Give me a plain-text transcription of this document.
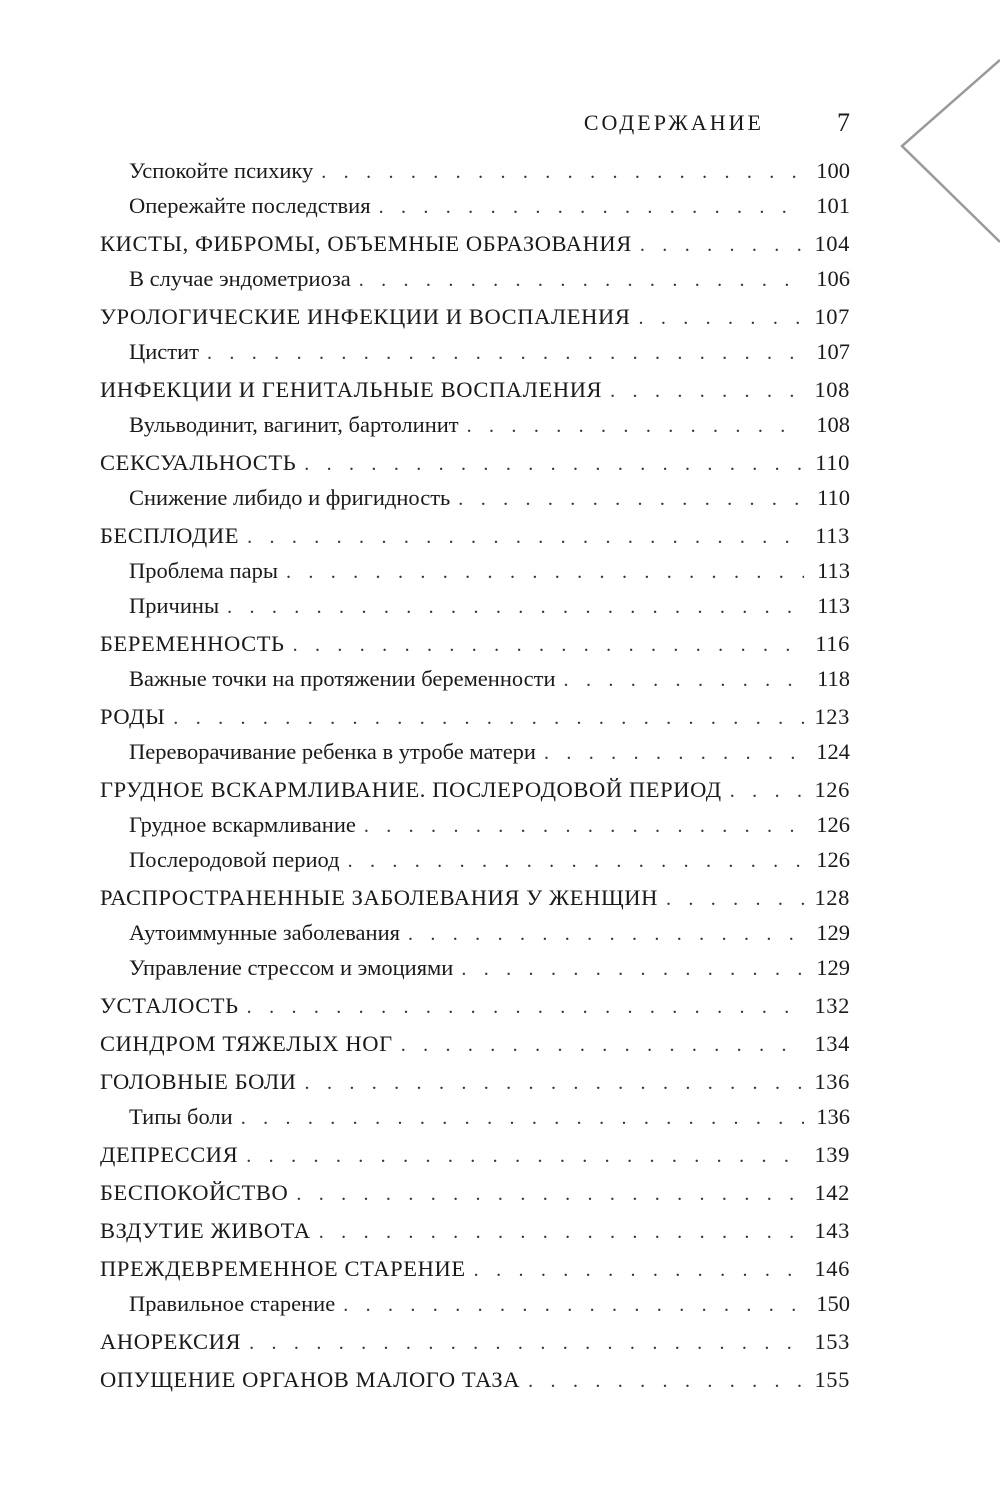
СОДЕРЖАНИЕ	7
Успокойте психику . . .	100
Опережайте последствия . . .	101
КИСТЫ, ФИБРОМЫ, ОБЪЕМНЫЕ ОБРАЗОВАНИЯ . . .	104
В случае эндометриоза . . .	106
УРОЛОГИЧЕСКИЕ ИНФЕКЦИИ И ВОСПАЛЕНИЯ . . .	107
Цистит . . .	107
ИНФЕКЦИИ И ГЕНИТАЛЬНЫЕ ВОСПАЛЕНИЯ . . .	108
Вульводинит, вагинит, бартолинит . . .	108
СЕКСУАЛЬНОСТЬ . . .	110
Снижение либидо и фригидность . . .	110
БЕСПЛОДИЕ . . .	113
Проблема пары . . .	113
Причины . . .	113
БЕРЕМЕННОСТЬ . . .	116
Важные точки на протяжении беременности . . .	118
РОДЫ . . .	123
Переворачивание ребенка в утробе матери . . .	124
ГРУДНОЕ ВСКАРМЛИВАНИЕ. ПОСЛЕРОДОВОЙ ПЕРИОД . . .	126
Грудное вскармливание . . .	126
Послеродовой период . . .	126
РАСПРОСТРАНЕННЫЕ ЗАБОЛЕВАНИЯ У ЖЕНЩИН . . .	128
Аутоиммунные заболевания . . .	129
Управление стрессом и эмоциями . . .	129
УСТАЛОСТЬ . . .	132
СИНДРОМ ТЯЖЕЛЫХ НОГ . . .	134
ГОЛОВНЫЕ БОЛИ . . .	136
Типы боли . . .	136
ДЕПРЕССИЯ . . .	139
БЕСПОКОЙСТВО . . .	142
ВЗДУТИЕ ЖИВОТА . . .	143
ПРЕЖДЕВРЕМЕННОЕ СТАРЕНИЕ . . .	146
Правильное старение . . .	150
АНОРЕКСИЯ . . .	153
ОПУЩЕНИЕ ОРГАНОВ МАЛОГО ТАЗА . . .	155
